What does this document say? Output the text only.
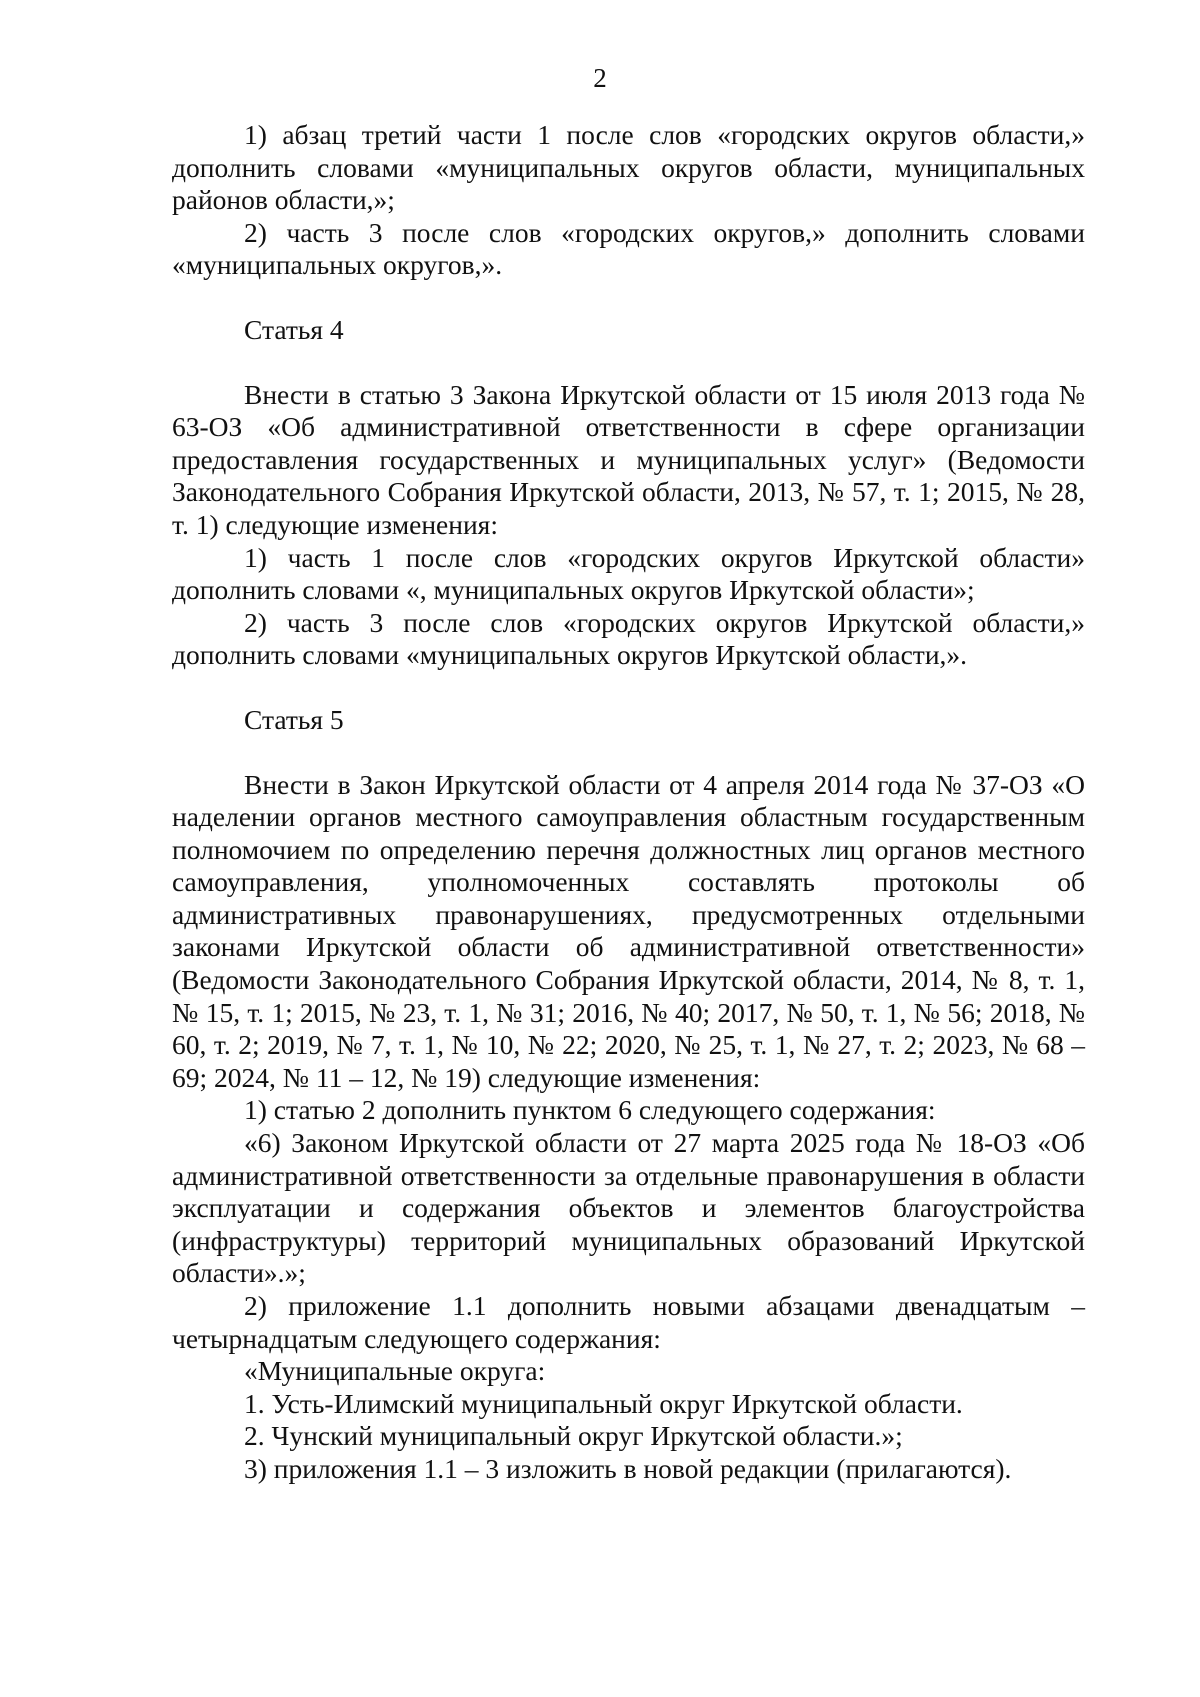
2

1) абзац третий части 1 после слов «городских округов области,» дополнить словами «муниципальных округов области, муниципальных районов области,»;

2) часть 3 после слов «городских округов,» дополнить словами «муниципальных округов,».

Статья 4

Внести в статью 3 Закона Иркутской области от 15 июля 2013 года № 63-ОЗ «Об административной ответственности в сфере организации предоставления государственных и муниципальных услуг» (Ведомости Законодательного Собрания Иркутской области, 2013, № 57, т. 1; 2015, № 28, т. 1) следующие изменения:

1) часть 1 после слов «городских округов Иркутской области» дополнить словами «, муниципальных округов Иркутской области»;

2) часть 3 после слов «городских округов Иркутской области,» дополнить словами «муниципальных округов Иркутской области,».

Статья 5

Внести в Закон Иркутской области от 4 апреля 2014 года № 37-ОЗ «О наделении органов местного самоуправления областным государственным полномочием по определению перечня должностных лиц органов местного самоуправления, уполномоченных составлять протоколы об административных правонарушениях, предусмотренных отдельными законами Иркутской области об административной ответственности» (Ведомости Законодательного Собрания Иркутской области, 2014, № 8, т. 1, № 15, т. 1; 2015, № 23, т. 1, № 31; 2016, № 40; 2017, № 50, т. 1, № 56; 2018, № 60, т. 2; 2019, № 7, т. 1, № 10, № 22; 2020, № 25, т. 1, № 27, т. 2; 2023, № 68 – 69; 2024, № 11 – 12, № 19) следующие изменения:

1) статью 2 дополнить пунктом 6 следующего содержания:

«6) Законом Иркутской области от 27 марта 2025 года № 18-ОЗ «Об административной ответственности за отдельные правонарушения в области эксплуатации и содержания объектов и элементов благоустройства (инфраструктуры) территорий муниципальных образований Иркутской области».»;

2) приложение 1.1 дополнить новыми абзацами двенадцатым – четырнадцатым следующего содержания:

«Муниципальные округа:

1. Усть-Илимский муниципальный округ Иркутской области.

2. Чунский муниципальный округ Иркутской области.»;

3) приложения 1.1 – 3 изложить в новой редакции (прилагаются).
